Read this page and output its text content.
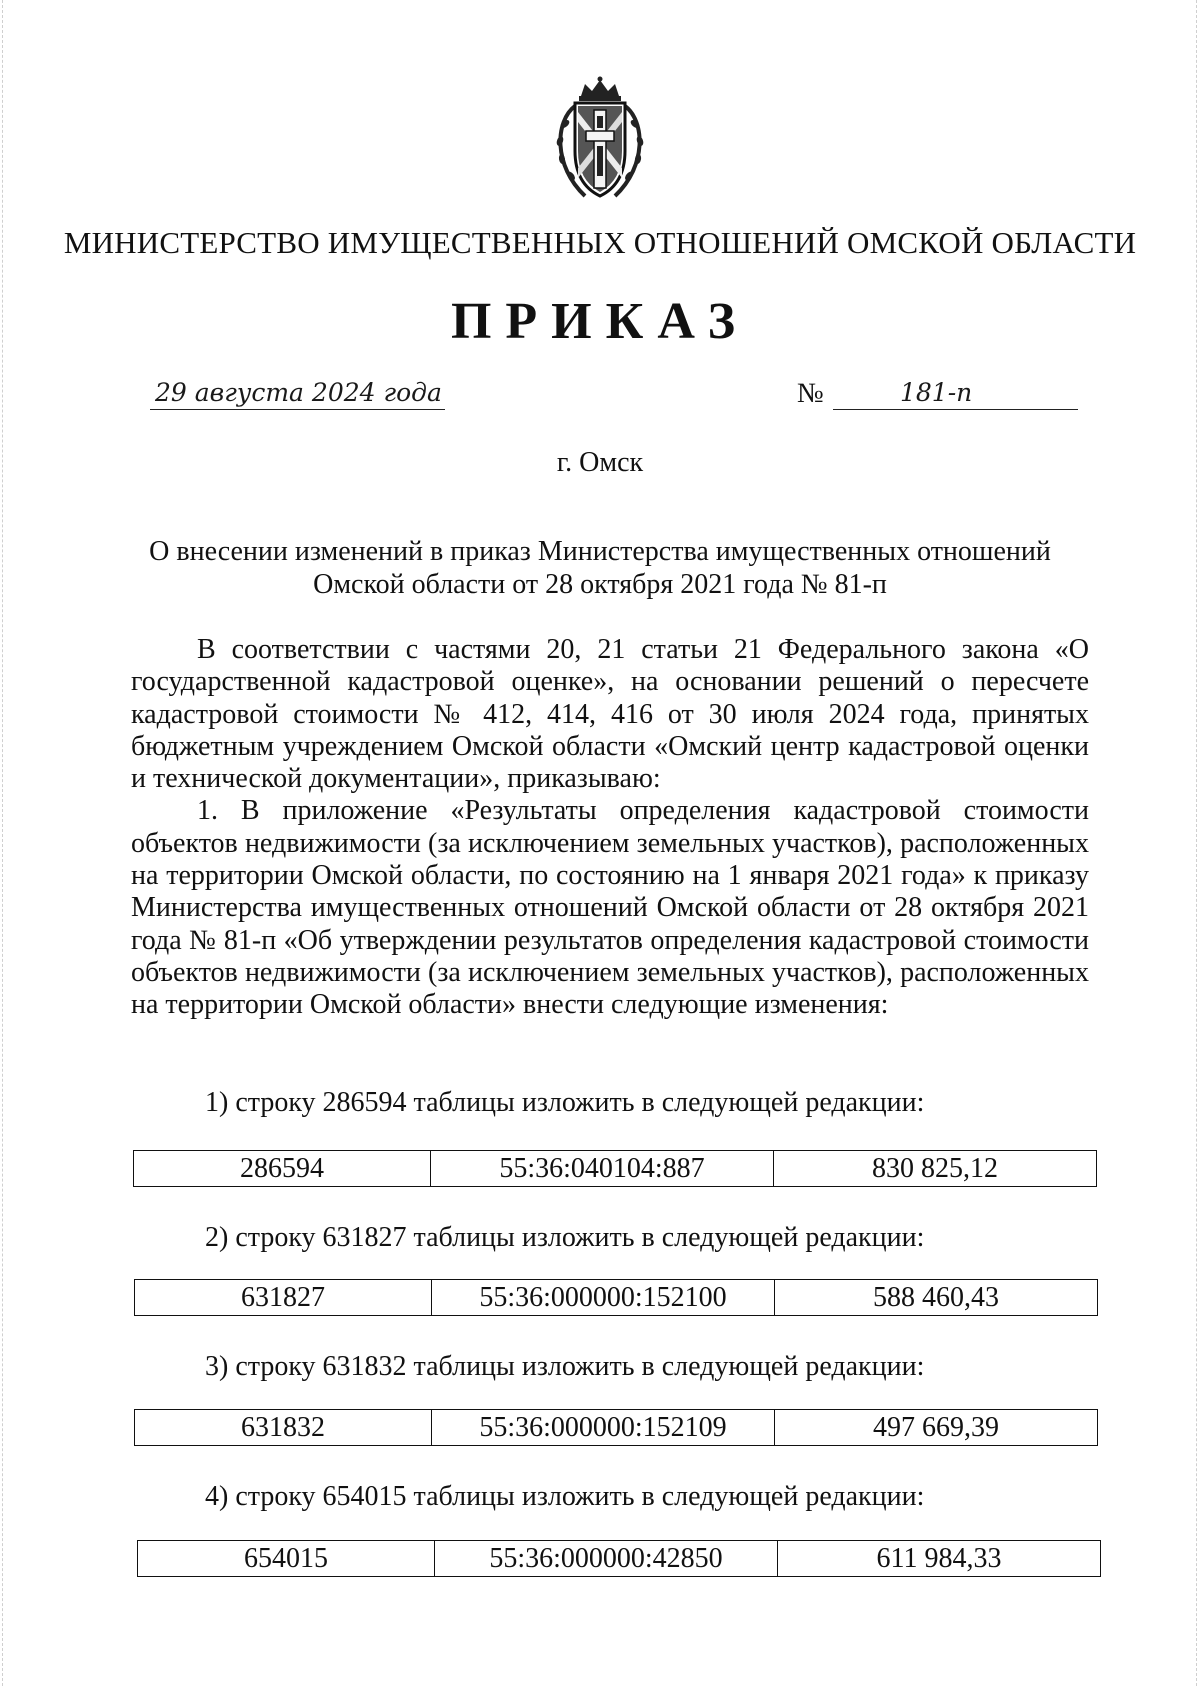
МИНИСТЕРСТВО ИМУЩЕСТВЕННЫХ ОТНОШЕНИЙ ОМСКОЙ ОБЛАСТИ
ПРИКАЗ
29 августа 2024 года	№	181-п
г. Омск
О внесении изменений в приказ Министерства имущественных отношений
Омской области от 28 октября 2021 года № 81-п

В соответствии с частями 20, 21 статьи 21 Федерального закона «О государственной кадастровой оценке», на основании решений о пересчете кадастровой стоимости № 412, 414, 416 от 30 июля 2024 года, принятых бюджетным учреждением Омской области «Омский центр кадастровой оценки и технической документации», приказываю:

1. В приложение «Результаты определения кадастровой стоимости объектов недвижимости (за исключением земельных участков), расположенных на территории Омской области, по состоянию на 1 января 2021 года» к приказу Министерства имущественных отношений Омской области от 28 октября 2021 года № 81-п «Об утверждении результатов определения кадастровой стоимости объектов недвижимости (за исключением земельных участков), расположенных на территории Омской области» внести следующие изменения:

1) строку 286594 таблицы изложить в следующей редакции:
286594	55:36:040104:887	830 825,12
2) строку 631827 таблицы изложить в следующей редакции:
631827	55:36:000000:152100	588 460,43
3) строку 631832 таблицы изложить в следующей редакции:
631832	55:36:000000:152109	497 669,39
4) строку 654015 таблицы изложить в следующей редакции:
654015	55:36:000000:42850	611 984,33
